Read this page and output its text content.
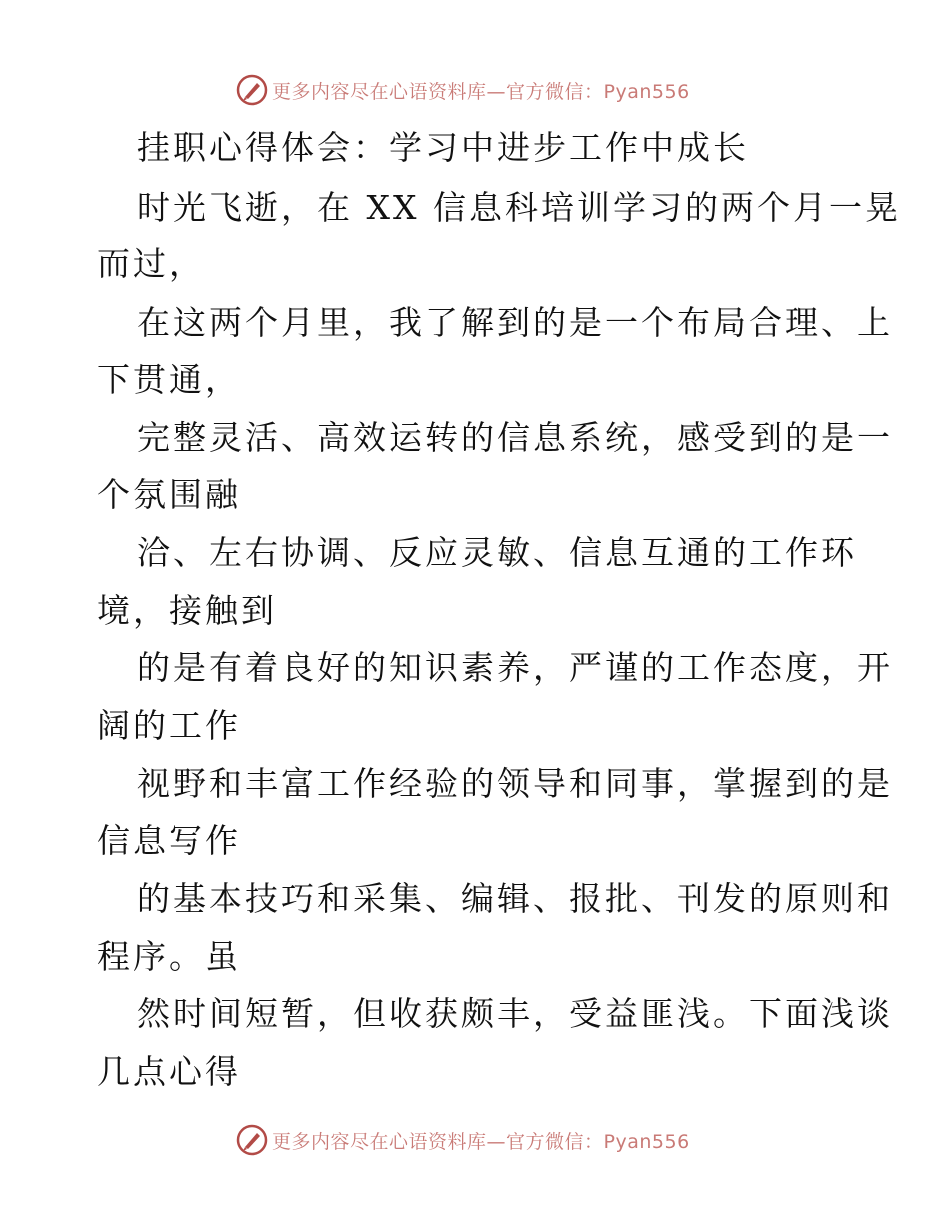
更多内容尽在心语资料库—官方微信：Pyan556
挂职心得体会：学习中进步工作中成长
时光飞逝，在 XX 信息科培训学习的两个月一晃
而过，
在这两个月里，我了解到的是一个布局合理、上
下贯通，
完整灵活、高效运转的信息系统，感受到的是一
个氛围融
洽、左右协调、反应灵敏、信息互通的工作环
境，接触到
的是有着良好的知识素养，严谨的工作态度，开
阔的工作
视野和丰富工作经验的领导和同事，掌握到的是
信息写作
的基本技巧和采集、编辑、报批、刊发的原则和
程序。虽
然时间短暂，但收获颇丰，受益匪浅。下面浅谈
几点心得
更多内容尽在心语资料库—官方微信：Pyan556
